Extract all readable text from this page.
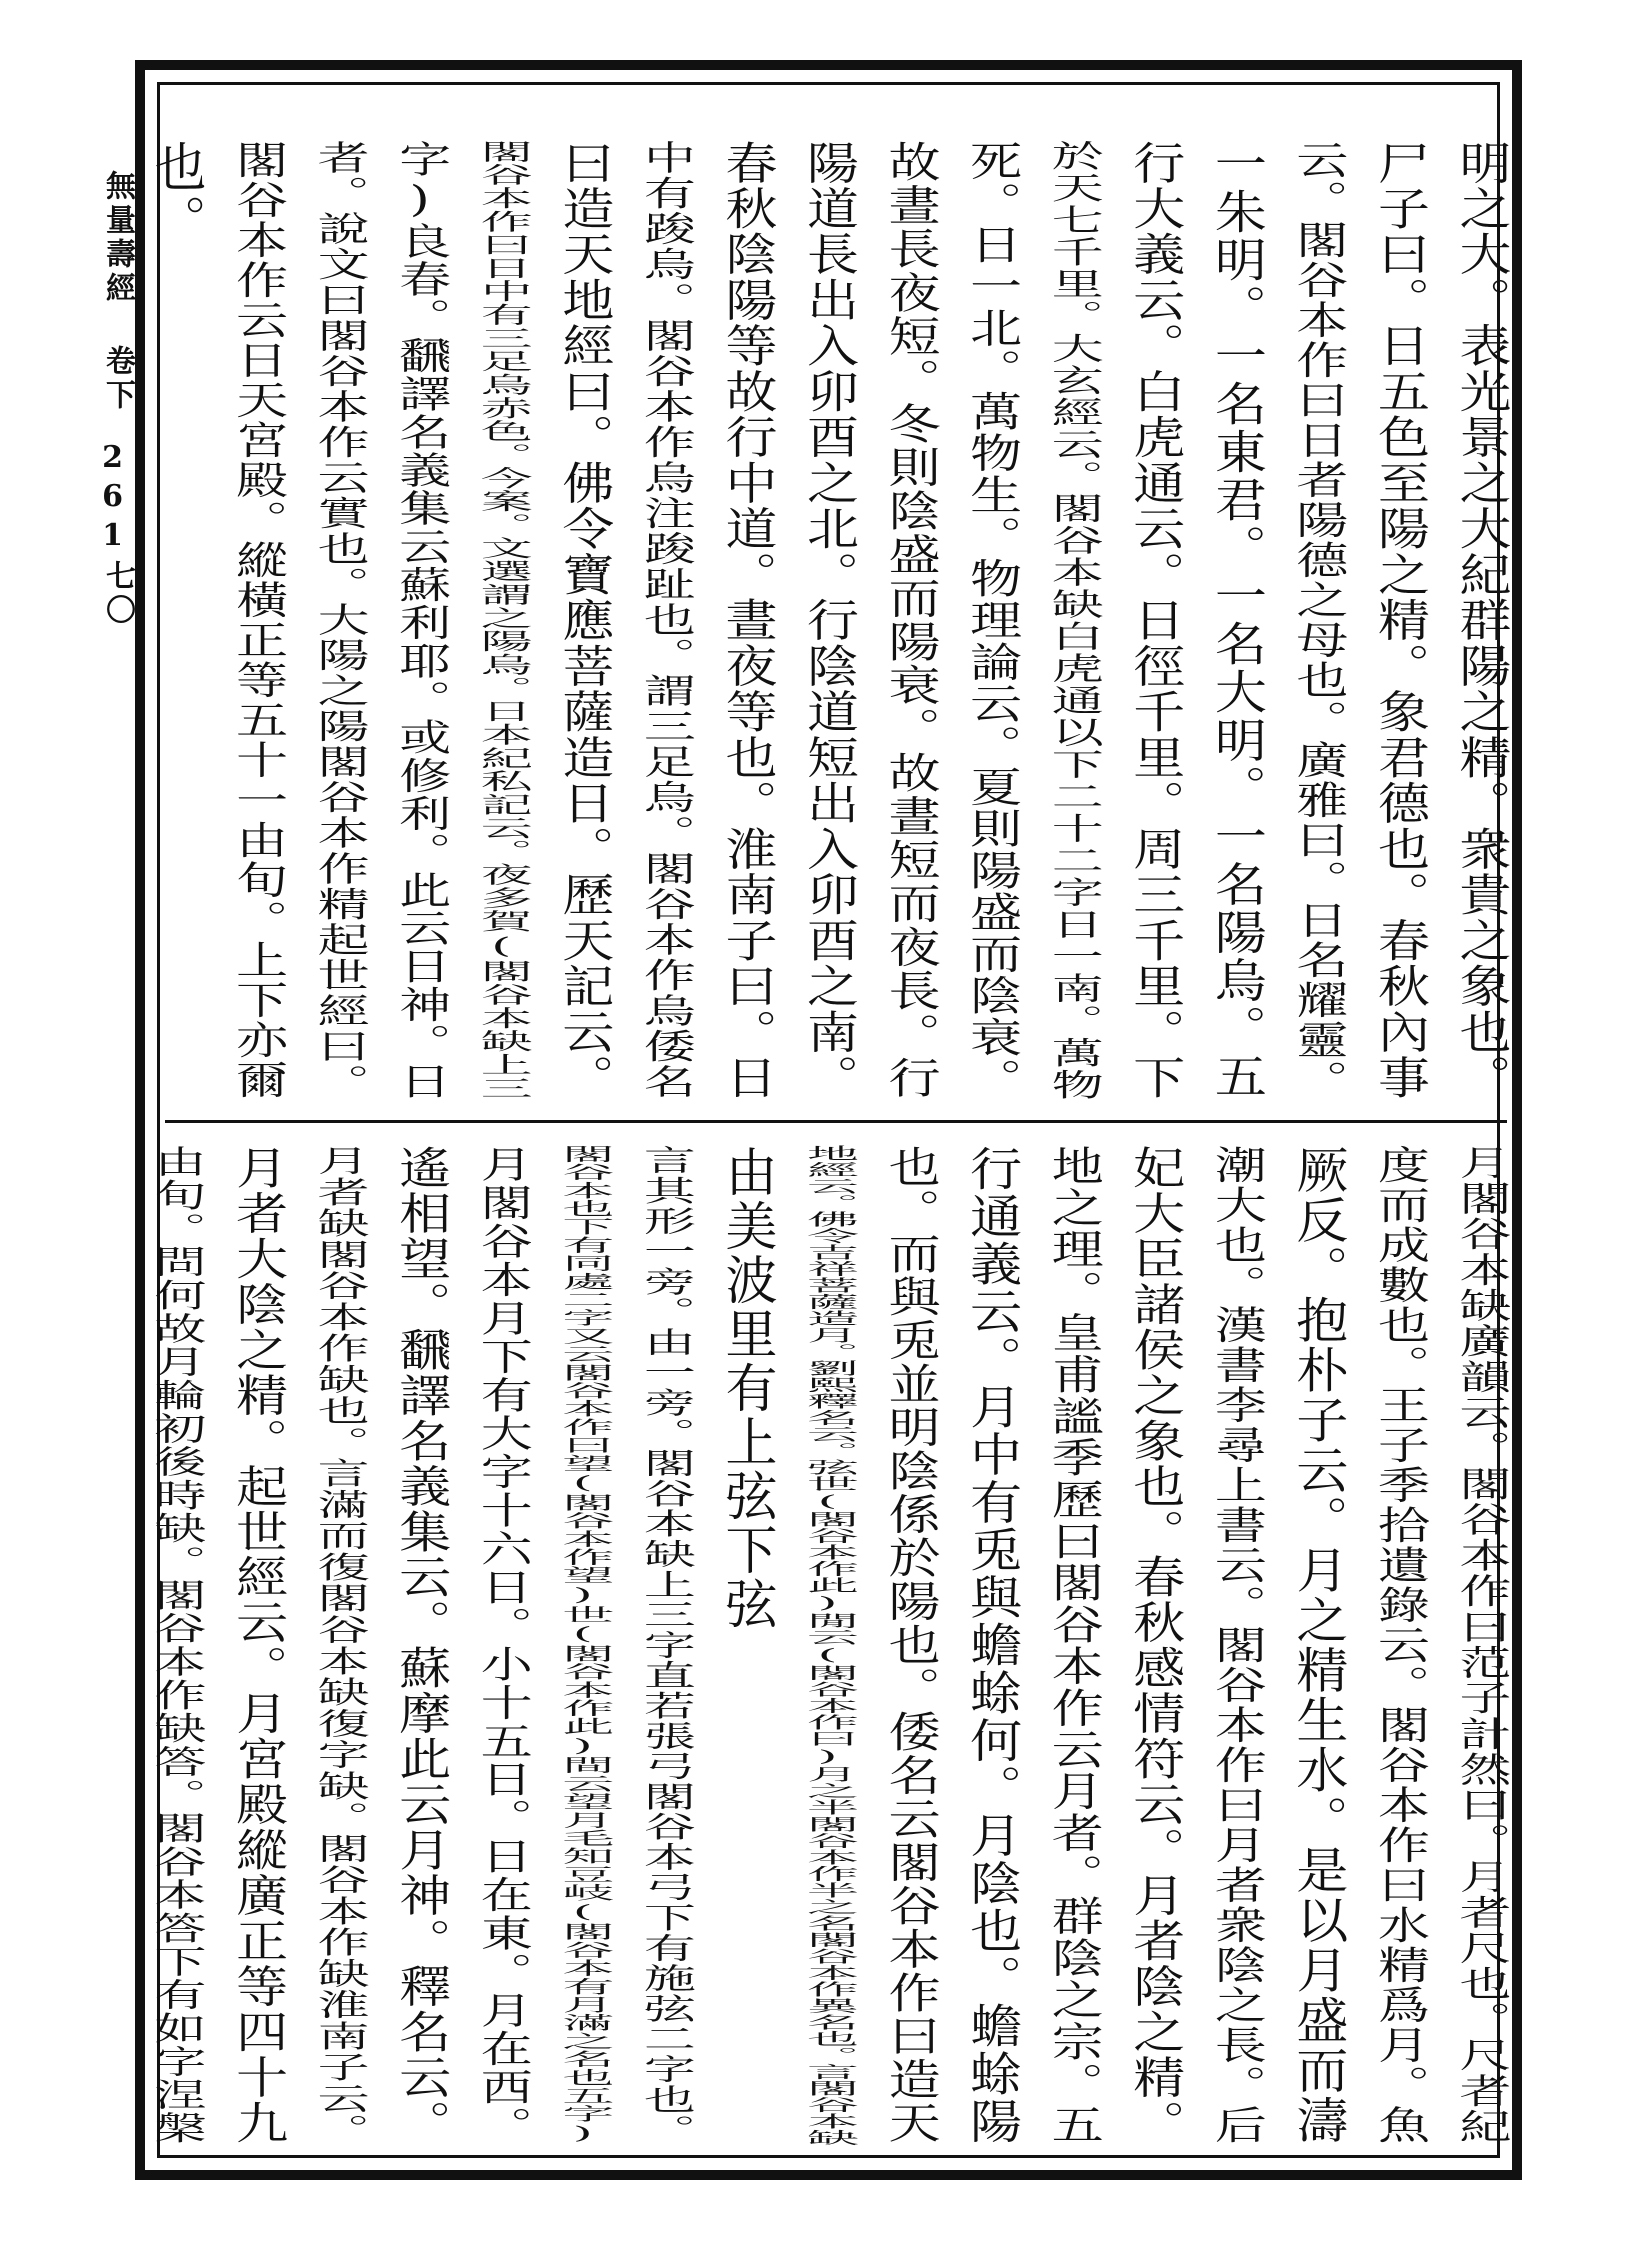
無量壽經 卷下
261
七〇	明之大。表光景之大紀群陽之精。衆貴之象也。
尸子曰。日五色至陽之精。象君德也。春秋內事
云。閣谷本作曰日者陽德之母也。廣雅曰。日名耀靈。
一朱明。一名東君。一名大明。一名陽烏。五
行大義云。白虎通云。日徑千里。周三千里。下
於天七千里。大玄經云。閣谷本缺白虎通以下二十二字日一南。萬物
死。日一北。萬物生。物理論云。夏則陽盛而陰衰。
故晝長夜短。冬則陰盛而陽衰。故晝短而夜長。行
陽道長出入卯酉之北。行陰道短出入卯酉之南。
春秋陰陽等故行中道。晝夜等也。淮南子曰。日
中有踆烏。閣谷本作烏注踆趾也。謂三足烏。閣谷本作烏倭名
曰造天地經曰。佛令寶應菩薩造日。歷天記云。
閣谷本作曰日中有三足烏赤色。今案。文選謂之陽烏。日本紀私記云。夜多賀(閣谷本缺上三
字)良春。飜譯名義集云蘇利耶。或修利。此云日神。日
者。說文曰閣谷本作云實也。大陽之陽閣谷本作精起世經曰。
閣谷本作云日天宮殿。縱橫正等五十一由旬。上下亦爾
也。
月閣谷本缺廣韻云。閣谷本作曰范子計然曰。月者尺也。尺者紀
度而成數也。王子季拾遺錄云。閣谷本作曰水精爲月。魚
厥反。抱朴子云。月之精生水。是以月盛而濤
潮大也。漢書李尋上書云。閣谷本作曰月者衆陰之長。后
妃大臣諸侯之象也。春秋感情符云。月者陰之精。
地之理。皇甫謐季歷曰閣谷本作云月者。群陰之宗。五
行通義云。月中有兎與蟾蜍何。月陰也。蟾蜍陽
也。而與兎並明陰係於陽也。倭名云閣谷本作曰造天
地經云。佛令吉祥菩薩造月。劉熙釋名云。弦世(閣谷本作此)閒云(閣谷本作曰)月之半閣谷本作半之名閣谷本作異名也。言閣谷本缺
由美波里有上弦下弦
言其形一旁。由一旁。閣谷本缺上三字直若張弓閣谷本弓下有施弦二字也。
閣谷本也下有同處二字又云閣谷本作曰望(閣谷本作望)世(閣谷本作此)間云望月毛知豆岐(閣谷本有月滿之名也五字)
月閣谷本月下有大字十六日。小十五日。日在東。月在西。
遙相望。飜譯名義集云。蘇摩此云月神。釋名云。
月者缺閣谷本作缺也。言滿而復閣谷本缺復字缺。閣谷本作缺淮南子云。
月者大陰之精。起世經云。月宮殿縱廣正等四十九
由旬。問何故月輪初後時缺。閣谷本作缺答。閣谷本答下有如字涅槃
